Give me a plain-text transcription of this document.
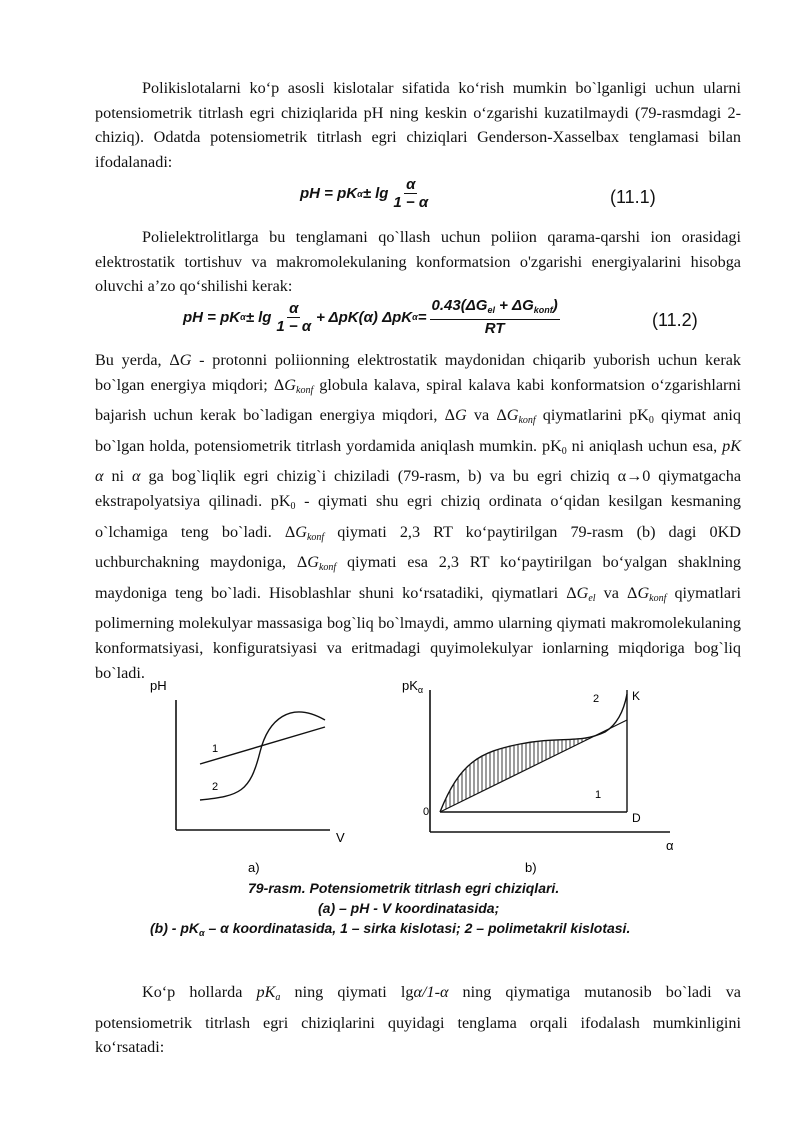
Polikislotalarni ko‘p asosli kislotalar sifatida ko‘rish mumkin bo`lganligi uchun ularni potensiometrik titrlash egri chiziqlarida pH ning keskin o‘zgarishi kuzatilmaydi (79-rasmdagi 2-chiziq). Odatda potensiometrik titrlash egri chiziqlari Genderson-Xasselbax tenglamasi bilan ifodalanadi:

pH = pK $\alpha \pm \lg \frac{\alpha}{1 - \alpha}$	(11.1)

Polielektrolitlarga bu tenglamani qo`llash uchun poliion qarama-qarshi ion orasidagi elektrostatik tortishuv va makromolekulaning konformatsion o'zgarishi energiyalarini hisobga oluvchi a’zo qo‘shilishi kerak:

pH = pK $\alpha \pm \lg \frac{\alpha}{1 - \alpha} + \Delta pK(\alpha)$ ΔpK $\alpha = \frac{0.43(\Delta G_{el} + \Delta G_{konf})}{RT}$	(11.2)

Bu yerda, ΔG - protonni poliionning elektrostatik maydonidan chiqarib yuborish uchun kerak bo`lgan energiya miqdori; ΔGkonf globula kalava, spiral kalava kabi konformatsion o‘zgarishlarni bajarish uchun kerak bo`ladigan energiya miqdori, ΔG va ΔGkonf qiymatlarini pK0 qiymat aniq bo`lgan holda, potensiometrik titrlash yordamida aniqlash mumkin. pK0 ni aniqlash uchun esa, pK α ni α ga bog`liqlik egri chizig`i chiziladi (79-rasm, b) va bu egri chiziq α→0 qiymatgacha ekstrapolyatsiya qilinadi. pK0 - qiymati shu egri chiziq ordinata o‘qidan kesilgan kesmaning o`lchamiga teng bo`ladi. ΔGkonf qiymati 2,3 RT ko‘paytirilgan 79-rasm (b) dagi 0KD uchburchakning maydoniga, ΔGkonf qiymati esa 2,3 RT ko‘paytirilgan bo‘yalgan shaklning maydoniga teng bo`ladi. Hisoblashlar shuni ko‘rsatadiki, qiymatlari ΔGel va ΔGkonf qiymatlari polimerning molekulyar massasiga bog`liq bo`lmaydi, ammo ularning qiymati makromolekulaning konformatsiyasi, konfiguratsiyasi va eritmadagi quyimolekulyar ionlarning miqdoriga bog`liq bo`ladi.

pH
V
1
2
a)
$pK_\alpha$
0
K
D
2
1
α
b)
79-rasm. Potensiometrik titrlash egri chiziqlari.
(a) – pH - V koordinatasida;
$(b) - pK_\alpha$ – α koordinatasida, 1 – sirka kislotasi; 2 – polimetakril kislotasi.

Ko‘p hollarda pKa ning qiymati lgα/1-α ning qiymatiga mutanosib bo`ladi va potensiometrik titrlash egri chiziqlarini quyidagi tenglama orqali ifodalash mumkinligini ko‘rsatadi:
